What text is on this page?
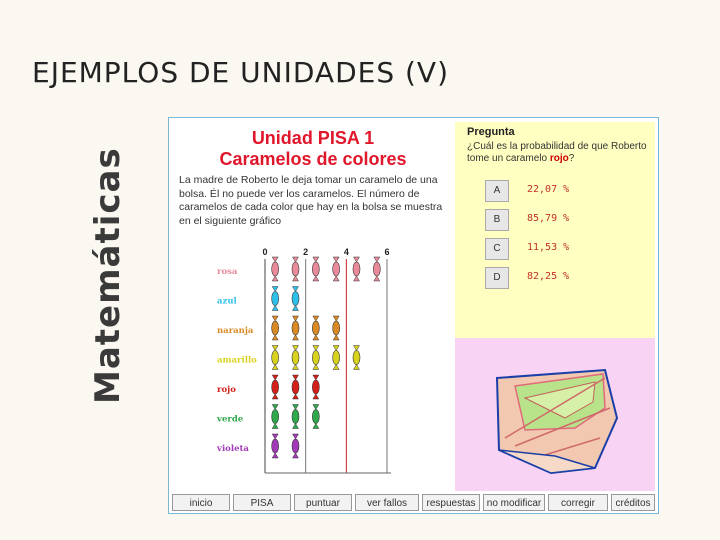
EJEMPLOS DE UNIDADES (V)
Matemáticas
Unidad PISA 1
Caramelos de colores
La madre de Roberto le deja tomar un caramelo de una bolsa. Él no puede ver los caramelos. El número de caramelos de cada color que hay en la bolsa se muestra en el siguiente gráfico
0	2	4	6
rosa
azul
naranja
amarillo
rojo
verde
violeta
Pregunta
¿Cuál es la probabilidad de que Roberto tome un caramelo rojo?
A	22,07 %
B	85,79 %
C	11,53 %
D	82,25 %
inicio	PISA	puntuar	ver fallos	respuestas	no modificar	corregir	créditos
